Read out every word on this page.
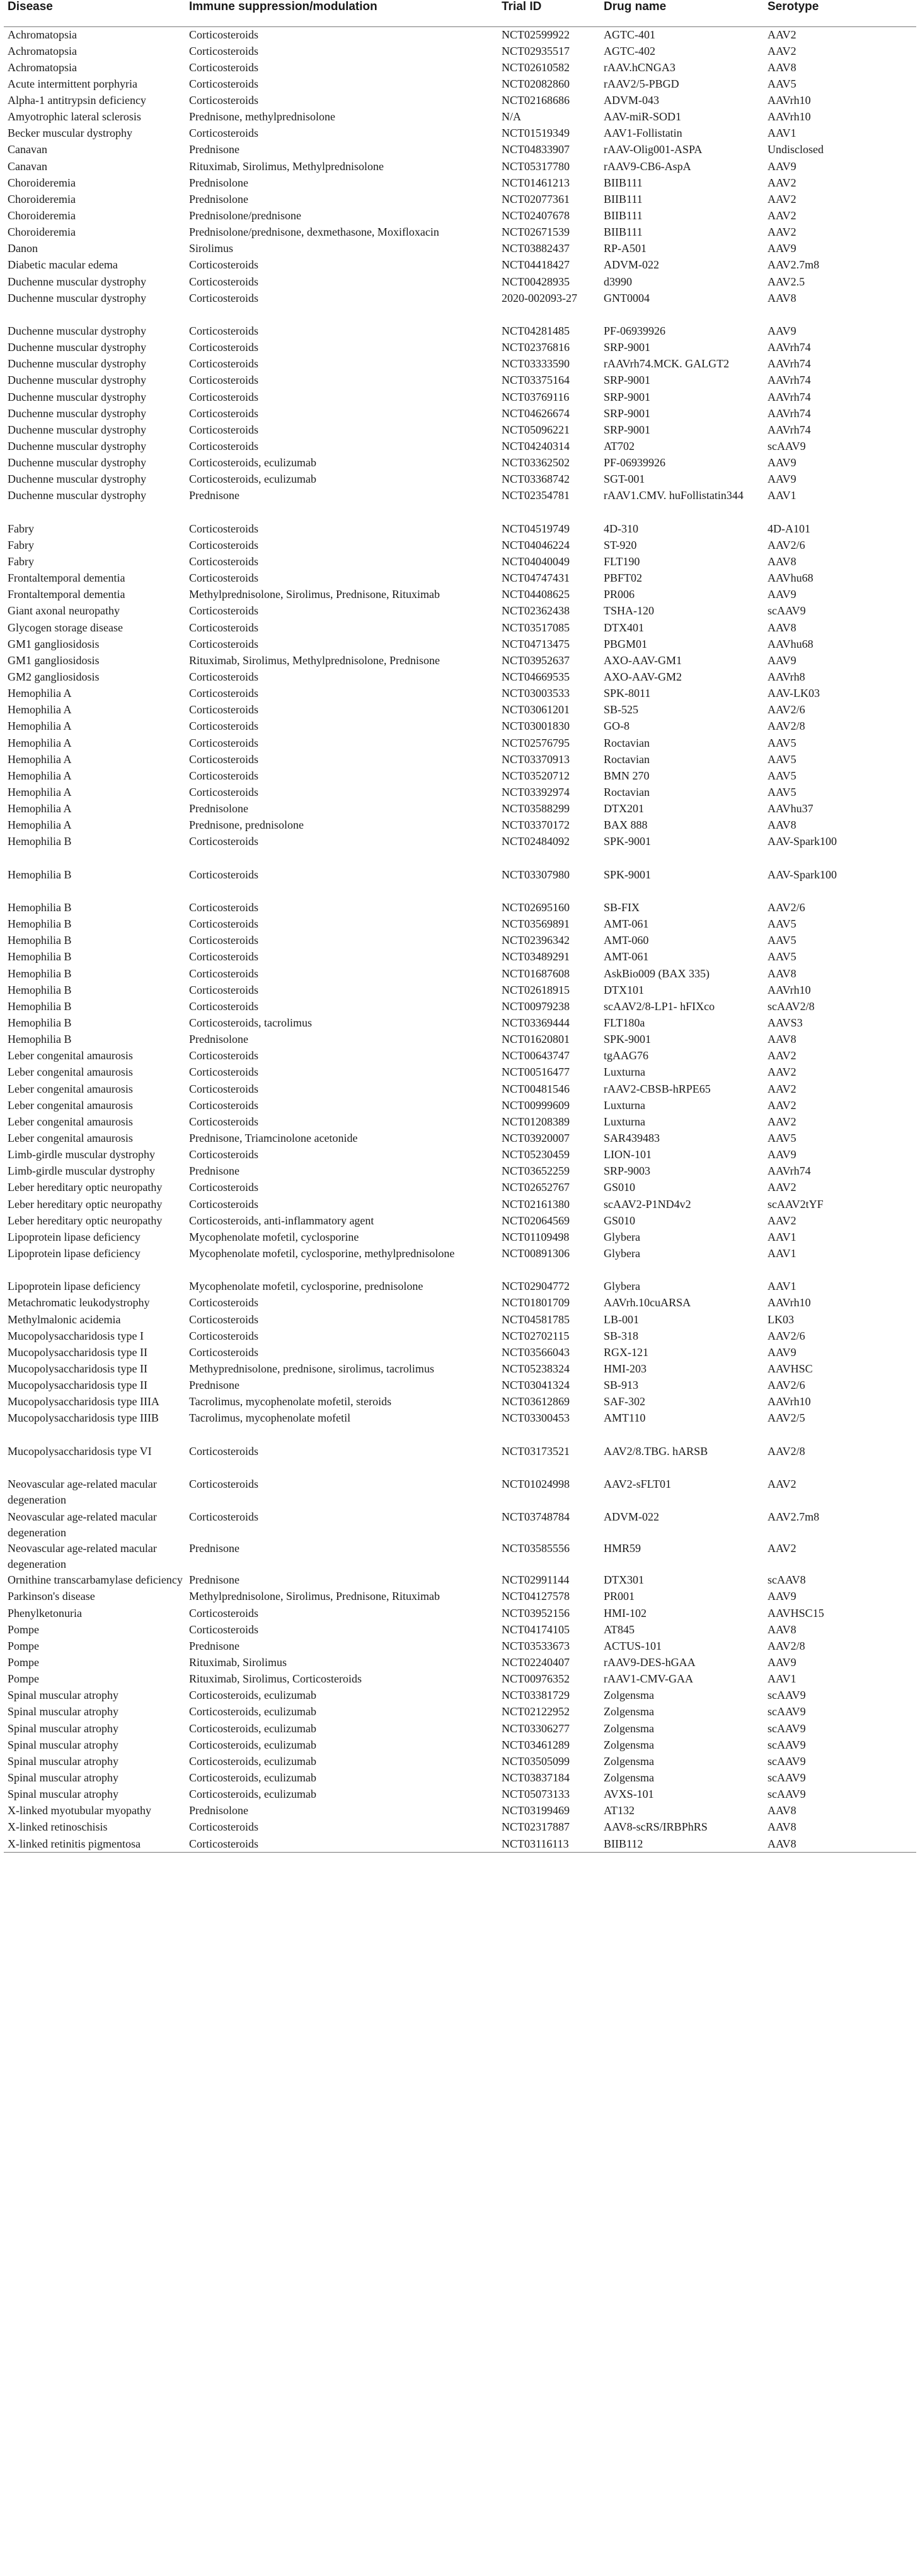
Disease	Immune suppression/modulation	Trial ID	Drug name	Serotype
Achromatopsia	Corticosteroids	NCT02599922	AGTC-401	AAV2
Achromatopsia	Corticosteroids	NCT02935517	AGTC-402	AAV2
Achromatopsia	Corticosteroids	NCT02610582	rAAV.hCNGA3	AAV8
Acute intermittent porphyria	Corticosteroids	NCT02082860	rAAV2/5-PBGD	AAV5
Alpha-1 antitrypsin deficiency	Corticosteroids	NCT02168686	ADVM-043	AAVrh10
Amyotrophic lateral sclerosis	Prednisone, methylprednisolone	N/A	AAV-miR-SOD1	AAVrh10
Becker muscular dystrophy	Corticosteroids	NCT01519349	AAV1-Follistatin	AAV1
Canavan	Prednisone	NCT04833907	rAAV-Olig001-ASPA	Undisclosed
Canavan	Rituximab, Sirolimus, Methylprednisolone	NCT05317780	rAAV9-CB6-AspA	AAV9
Choroideremia	Prednisolone	NCT01461213	BIIB111	AAV2
Choroideremia	Prednisolone	NCT02077361	BIIB111	AAV2
Choroideremia	Prednisolone/prednisone	NCT02407678	BIIB111	AAV2
Choroideremia	Prednisolone/prednisone, dexmethasone, Moxifloxacin	NCT02671539	BIIB111	AAV2
Danon	Sirolimus	NCT03882437	RP-A501	AAV9
Diabetic macular edema	Corticosteroids	NCT04418427	ADVM-022	AAV2.7m8
Duchenne muscular dystrophy	Corticosteroids	NCT00428935	d3990	AAV2.5
Duchenne muscular dystrophy	Corticosteroids	2020-002093-27	GNT0004	AAV8
Duchenne muscular dystrophy	Corticosteroids	NCT04281485	PF-06939926	AAV9
Duchenne muscular dystrophy	Corticosteroids	NCT02376816	SRP-9001	AAVrh74
Duchenne muscular dystrophy	Corticosteroids	NCT03333590	rAAVrh74.MCK. GALGT2	AAVrh74
Duchenne muscular dystrophy	Corticosteroids	NCT03375164	SRP-9001	AAVrh74
Duchenne muscular dystrophy	Corticosteroids	NCT03769116	SRP-9001	AAVrh74
Duchenne muscular dystrophy	Corticosteroids	NCT04626674	SRP-9001	AAVrh74
Duchenne muscular dystrophy	Corticosteroids	NCT05096221	SRP-9001	AAVrh74
Duchenne muscular dystrophy	Corticosteroids	NCT04240314	AT702	scAAV9
Duchenne muscular dystrophy	Corticosteroids, eculizumab	NCT03362502	PF-06939926	AAV9
Duchenne muscular dystrophy	Corticosteroids, eculizumab	NCT03368742	SGT-001	AAV9
Duchenne muscular dystrophy	Prednisone	NCT02354781	rAAV1.CMV. huFollistatin344	AAV1
Fabry	Corticosteroids	NCT04519749	4D-310	4D-A101
Fabry	Corticosteroids	NCT04046224	ST-920	AAV2/6
Fabry	Corticosteroids	NCT04040049	FLT190	AAV8
Frontaltemporal dementia	Corticosteroids	NCT04747431	PBFT02	AAVhu68
Frontaltemporal dementia	Methylprednisolone, Sirolimus, Prednisone, Rituximab	NCT04408625	PR006	AAV9
Giant axonal neuropathy	Corticosteroids	NCT02362438	TSHA-120	scAAV9
Glycogen storage disease	Corticosteroids	NCT03517085	DTX401	AAV8
GM1 gangliosidosis	Corticosteroids	NCT04713475	PBGM01	AAVhu68
GM1 gangliosidosis	Rituximab, Sirolimus, Methylprednisolone, Prednisone	NCT03952637	AXO-AAV-GM1	AAV9
GM2 gangliosidosis	Corticosteroids	NCT04669535	AXO-AAV-GM2	AAVrh8
Hemophilia A	Corticosteroids	NCT03003533	SPK-8011	AAV-LK03
Hemophilia A	Corticosteroids	NCT03061201	SB-525	AAV2/6
Hemophilia A	Corticosteroids	NCT03001830	GO-8	AAV2/8
Hemophilia A	Corticosteroids	NCT02576795	Roctavian	AAV5
Hemophilia A	Corticosteroids	NCT03370913	Roctavian	AAV5
Hemophilia A	Corticosteroids	NCT03520712	BMN 270	AAV5
Hemophilia A	Corticosteroids	NCT03392974	Roctavian	AAV5
Hemophilia A	Prednisolone	NCT03588299	DTX201	AAVhu37
Hemophilia A	Prednisone, prednisolone	NCT03370172	BAX 888	AAV8
Hemophilia B	Corticosteroids	NCT02484092	SPK-9001	AAV-Spark100
Hemophilia B	Corticosteroids	NCT03307980	SPK-9001	AAV-Spark100
Hemophilia B	Corticosteroids	NCT02695160	SB-FIX	AAV2/6
Hemophilia B	Corticosteroids	NCT03569891	AMT-061	AAV5
Hemophilia B	Corticosteroids	NCT02396342	AMT-060	AAV5
Hemophilia B	Corticosteroids	NCT03489291	AMT-061	AAV5
Hemophilia B	Corticosteroids	NCT01687608	AskBio009 (BAX 335)	AAV8
Hemophilia B	Corticosteroids	NCT02618915	DTX101	AAVrh10
Hemophilia B	Corticosteroids	NCT00979238	scAAV2/8-LP1- hFIXco	scAAV2/8
Hemophilia B	Corticosteroids, tacrolimus	NCT03369444	FLT180a	AAVS3
Hemophilia B	Prednisolone	NCT01620801	SPK-9001	AAV8
Leber congenital amaurosis	Corticosteroids	NCT00643747	tgAAG76	AAV2
Leber congenital amaurosis	Corticosteroids	NCT00516477	Luxturna	AAV2
Leber congenital amaurosis	Corticosteroids	NCT00481546	rAAV2-CBSB-hRPE65	AAV2
Leber congenital amaurosis	Corticosteroids	NCT00999609	Luxturna	AAV2
Leber congenital amaurosis	Corticosteroids	NCT01208389	Luxturna	AAV2
Leber congenital amaurosis	Prednisone, Triamcinolone acetonide	NCT03920007	SAR439483	AAV5
Limb-girdle muscular dystrophy	Corticosteroids	NCT05230459	LION-101	AAV9
Limb-girdle muscular dystrophy	Prednisone	NCT03652259	SRP-9003	AAVrh74
Leber hereditary optic neuropathy	Corticosteroids	NCT02652767	GS010	AAV2
Leber hereditary optic neuropathy	Corticosteroids	NCT02161380	scAAV2-P1ND4v2	scAAV2tYF
Leber hereditary optic neuropathy	Corticosteroids, anti-inflammatory agent	NCT02064569	GS010	AAV2
Lipoprotein lipase deficiency	Mycophenolate mofetil, cyclosporine	NCT01109498	Glybera	AAV1
Lipoprotein lipase deficiency	Mycophenolate mofetil, cyclosporine, methylprednisolone	NCT00891306	Glybera	AAV1
Lipoprotein lipase deficiency	Mycophenolate mofetil, cyclosporine, prednisolone	NCT02904772	Glybera	AAV1
Metachromatic leukodystrophy	Corticosteroids	NCT01801709	AAVrh.10cuARSA	AAVrh10
Methylmalonic acidemia	Corticosteroids	NCT04581785	LB-001	LK03
Mucopolysaccharidosis type I	Corticosteroids	NCT02702115	SB-318	AAV2/6
Mucopolysaccharidosis type II	Corticosteroids	NCT03566043	RGX-121	AAV9
Mucopolysaccharidosis type II	Methyprednisolone, prednisone, sirolimus, tacrolimus	NCT05238324	HMI-203	AAVHSC
Mucopolysaccharidosis type II	Prednisone	NCT03041324	SB-913	AAV2/6
Mucopolysaccharidosis type IIIA	Tacrolimus, mycophenolate mofetil, steroids	NCT03612869	SAF-302	AAVrh10
Mucopolysaccharidosis type IIIB	Tacrolimus, mycophenolate mofetil	NCT03300453	AMT110	AAV2/5
Mucopolysaccharidosis type VI	Corticosteroids	NCT03173521	AAV2/8.TBG. hARSB	AAV2/8
Neovascular age-related macular degeneration	Corticosteroids	NCT01024998	AAV2-sFLT01	AAV2
Neovascular age-related macular degeneration	Corticosteroids	NCT03748784	ADVM-022	AAV2.7m8
Neovascular age-related macular degeneration	Prednisone	NCT03585556	HMR59	AAV2
Ornithine transcarbamylase deficiency	Prednisone	NCT02991144	DTX301	scAAV8
Parkinson's disease	Methylprednisolone, Sirolimus, Prednisone, Rituximab	NCT04127578	PR001	AAV9
Phenylketonuria	Corticosteroids	NCT03952156	HMI-102	AAVHSC15
Pompe	Corticosteroids	NCT04174105	AT845	AAV8
Pompe	Prednisone	NCT03533673	ACTUS-101	AAV2/8
Pompe	Rituximab, Sirolimus	NCT02240407	rAAV9-DES-hGAA	AAV9
Pompe	Rituximab, Sirolimus, Corticosteroids	NCT00976352	rAAV1-CMV-GAA	AAV1
Spinal muscular atrophy	Corticosteroids, eculizumab	NCT03381729	Zolgensma	scAAV9
Spinal muscular atrophy	Corticosteroids, eculizumab	NCT02122952	Zolgensma	scAAV9
Spinal muscular atrophy	Corticosteroids, eculizumab	NCT03306277	Zolgensma	scAAV9
Spinal muscular atrophy	Corticosteroids, eculizumab	NCT03461289	Zolgensma	scAAV9
Spinal muscular atrophy	Corticosteroids, eculizumab	NCT03505099	Zolgensma	scAAV9
Spinal muscular atrophy	Corticosteroids, eculizumab	NCT03837184	Zolgensma	scAAV9
Spinal muscular atrophy	Corticosteroids, eculizumab	NCT05073133	AVXS-101	scAAV9
X-linked myotubular myopathy	Prednisolone	NCT03199469	AT132	AAV8
X-linked retinoschisis	Corticosteroids	NCT02317887	AAV8-scRS/IRBPhRS	AAV8
X-linked retinitis pigmentosa	Corticosteroids	NCT03116113	BIIB112	AAV8
